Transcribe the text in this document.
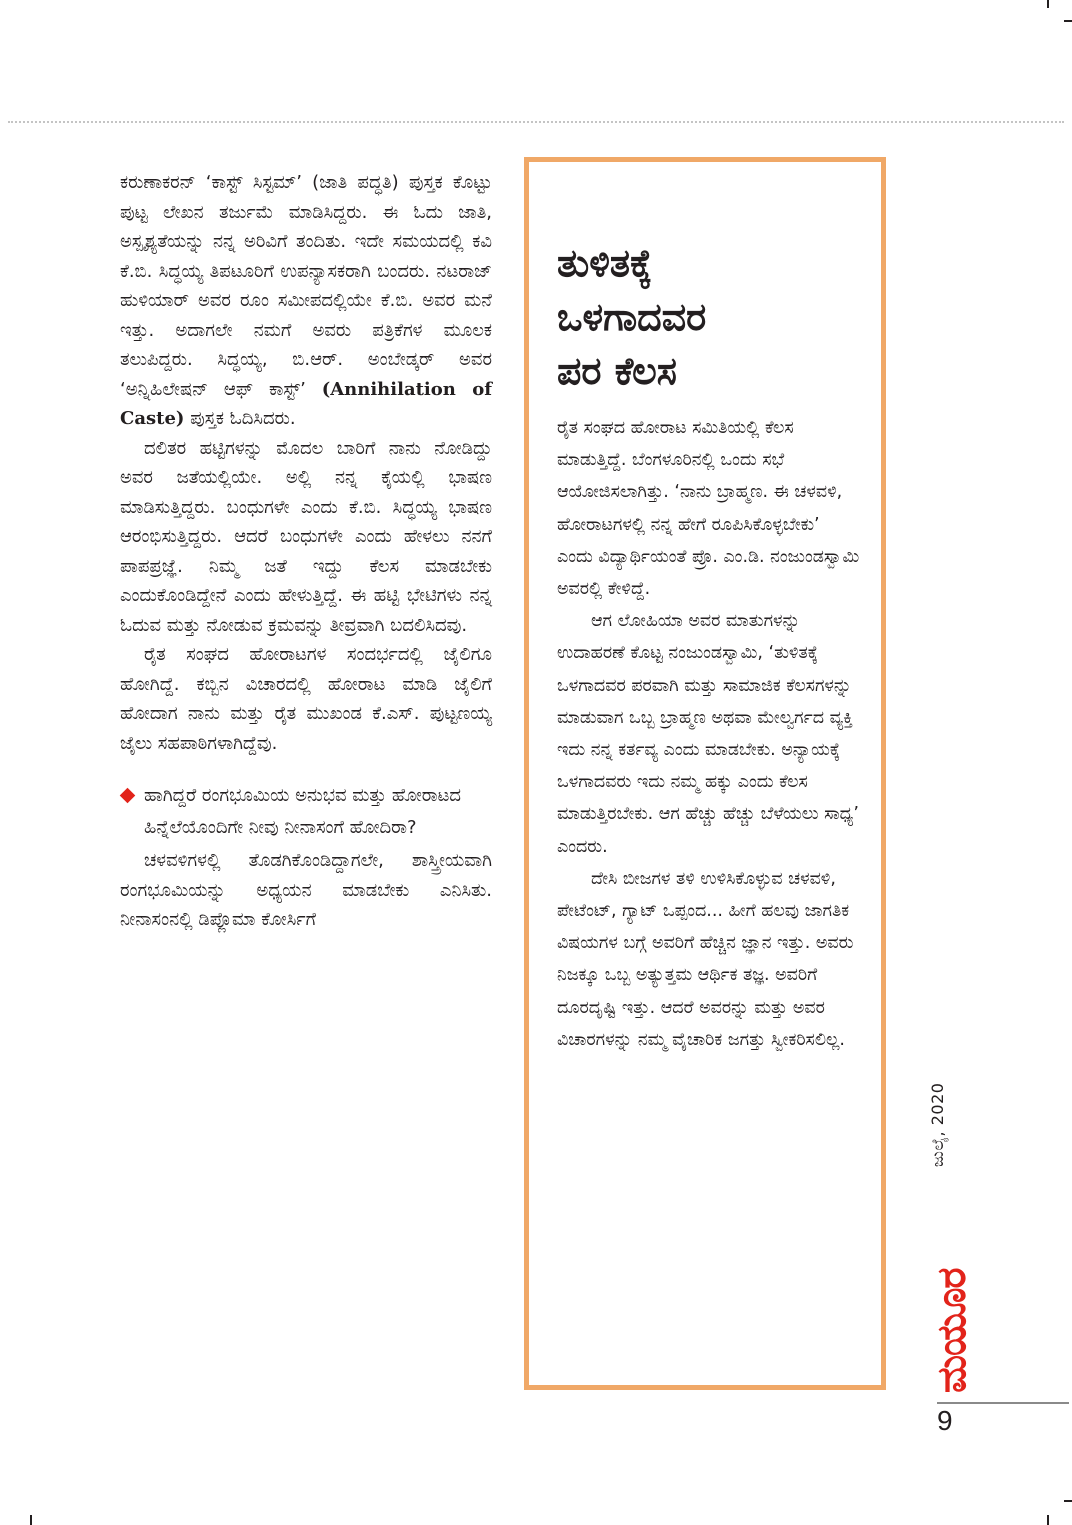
ಕರುಣಾಕರನ್ ‘ಕಾಸ್ಟ್ ಸಿಸ್ಟಮ್’ (ಜಾತಿ ಪದ್ಧತಿ) ಪುಸ್ತಕ ಕೊಟ್ಟು ಪುಟ್ಟ ಲೇಖನ ತರ್ಜುಮೆ ಮಾಡಿಸಿದ್ದರು. ಈ ಓದು ಜಾತಿ, ಅಸ್ಪೃಶ್ಯತೆಯನ್ನು ನನ್ನ ಅರಿವಿಗೆ ತಂದಿತು. ಇದೇ ಸಮಯದಲ್ಲಿ ಕವಿ ಕೆ.ಬಿ. ಸಿದ್ಧಯ್ಯ ತಿಪಟೂರಿಗೆ ಉಪನ್ಯಾಸಕರಾಗಿ ಬಂದರು. ನಟರಾಜ್ ಹುಳಿಯಾರ್ ಅವರ ರೂಂ ಸಮೀಪದಲ್ಲಿಯೇ ಕೆ.ಬಿ. ಅವರ ಮನೆ ಇತ್ತು. ಅದಾಗಲೇ ನಮಗೆ ಅವರು ಪತ್ರಿಕೆಗಳ ಮೂಲಕ ತಲುಪಿದ್ದರು. ಸಿದ್ಧಯ್ಯ, ಬಿ.ಆರ್. ಅಂಬೇಡ್ಕರ್ ಅವರ ‘ಅನ್ನಿಹಿಲೇಷನ್ ಆಫ್ ಕಾಸ್ಟ್’ (Annihilation of Caste) ಪುಸ್ತಕ ಓದಿಸಿದರು.

ದಲಿತರ ಹಟ್ಟಿಗಳನ್ನು ಮೊದಲ ಬಾರಿಗೆ ನಾನು ನೋಡಿದ್ದು ಅವರ ಜತೆಯಲ್ಲಿಯೇ. ಅಲ್ಲಿ ನನ್ನ ಕೈಯಲ್ಲಿ ಭಾಷಣ ಮಾಡಿಸುತ್ತಿದ್ದರು. ಬಂಧುಗಳೇ ಎಂದು ಕೆ.ಬಿ. ಸಿದ್ಧಯ್ಯ ಭಾಷಣ ಆರಂಭಿಸುತ್ತಿದ್ದರು. ಆದರೆ ಬಂಧುಗಳೇ ಎಂದು ಹೇಳಲು ನನಗೆ ಪಾಪಪ್ರಜ್ಞೆ. ನಿಮ್ಮ ಜತೆ ಇದ್ದು ಕೆಲಸ ಮಾಡಬೇಕು ಎಂದುಕೊಂಡಿದ್ದೇನೆ ಎಂದು ಹೇಳುತ್ತಿದ್ದೆ. ಈ ಹಟ್ಟಿ ಭೇಟಿಗಳು ನನ್ನ ಓದುವ ಮತ್ತು ನೋಡುವ ಕ್ರಮವನ್ನು ತೀವ್ರವಾಗಿ ಬದಲಿಸಿದವು.

ರೈತ ಸಂಘದ ಹೋರಾಟಗಳ ಸಂದರ್ಭದಲ್ಲಿ ಜೈಲಿಗೂ ಹೋಗಿದ್ದೆ. ಕಬ್ಬಿನ ವಿಚಾರದಲ್ಲಿ ಹೋರಾಟ ಮಾಡಿ ಜೈಲಿಗೆ ಹೋದಾಗ ನಾನು ಮತ್ತು ರೈತ ಮುಖಂಡ ಕೆ.ಎಸ್. ಪುಟ್ಟಣಯ್ಯ ಜೈಲು ಸಹಪಾಠಿಗಳಾಗಿದ್ದೆವು.

ಹಾಗಿದ್ದರೆ ರಂಗಭೂಮಿಯ ಅನುಭವ ಮತ್ತು ಹೋರಾಟದ ಹಿನ್ನೆಲೆಯೊಂದಿಗೇ ನೀವು ನೀನಾಸಂಗೆ ಹೋದಿರಾ?

ಚಳವಳಿಗಳಲ್ಲಿ ತೊಡಗಿಕೊಂಡಿದ್ದಾಗಲೇ, ಶಾಸ್ತ್ರೀಯವಾಗಿ ರಂಗಭೂಮಿಯನ್ನು ಅಧ್ಯಯನ ಮಾಡಬೇಕು ಎನಿಸಿತು. ನೀನಾಸಂನಲ್ಲಿ ಡಿಪ್ಲೊಮಾ ಕೋರ್ಸಿಗೆ

ತುಳಿತಕ್ಕೆ
ಒಳಗಾದವರ
ಪರ ಕೆಲಸ

ರೈತ ಸಂಘದ ಹೋರಾಟ ಸಮಿತಿಯಲ್ಲಿ ಕೆಲಸ ಮಾಡುತ್ತಿದ್ದೆ. ಬೆಂಗಳೂರಿನಲ್ಲಿ ಒಂದು ಸಭೆ ಆಯೋಜಿಸಲಾಗಿತ್ತು. ‘ನಾನು ಬ್ರಾಹ್ಮಣ. ಈ ಚಳವಳಿ, ಹೋರಾಟಗಳಲ್ಲಿ ನನ್ನ ಹೇಗೆ ರೂಪಿಸಿಕೊಳ್ಳಬೇಕು’ ಎಂದು ವಿದ್ಯಾರ್ಥಿಯಂತೆ ಪ್ರೊ. ಎಂ.ಡಿ. ನಂಜುಂಡಸ್ವಾಮಿ ಅವರಲ್ಲಿ ಕೇಳಿದ್ದೆ.

ಆಗ ಲೋಹಿಯಾ ಅವರ ಮಾತುಗಳನ್ನು ಉದಾಹರಣೆ ಕೊಟ್ಟ ನಂಜುಂಡಸ್ವಾಮಿ, ‘ತುಳಿತಕ್ಕೆ ಒಳಗಾದವರ ಪರವಾಗಿ ಮತ್ತು ಸಾಮಾಜಿಕ ಕೆಲಸಗಳನ್ನು ಮಾಡುವಾಗ ಒಬ್ಬ ಬ್ರಾಹ್ಮಣ ಅಥವಾ ಮೇಲ್ವರ್ಗದ ವ್ಯಕ್ತಿ ಇದು ನನ್ನ ಕರ್ತವ್ಯ ಎಂದು ಮಾಡಬೇಕು. ಅನ್ಯಾಯಕ್ಕೆ ಒಳಗಾದವರು ಇದು ನಮ್ಮ ಹಕ್ಕು ಎಂದು ಕೆಲಸ ಮಾಡುತ್ತಿರಬೇಕು. ಆಗ ಹೆಚ್ಚು ಹೆಚ್ಚು ಬೆಳೆಯಲು ಸಾಧ್ಯ’ ಎಂದರು.

ದೇಸಿ ಬೀಜಗಳ ತಳಿ ಉಳಿಸಿಕೊಳ್ಳುವ ಚಳವಳಿ, ಪೇಟೆಂಟ್, ಗ್ಯಾಟ್ ಒಪ್ಪಂದ... ಹೀಗೆ ಹಲವು ಜಾಗತಿಕ ವಿಷಯಗಳ ಬಗ್ಗೆ ಅವರಿಗೆ ಹೆಚ್ಚಿನ ಜ್ಞಾನ ಇತ್ತು. ಅವರು ನಿಜಕ್ಕೂ ಒಬ್ಬ ಅತ್ಯುತ್ತಮ ಆರ್ಥಿಕ ತಜ್ಞ. ಅವರಿಗೆ ದೂರದೃಷ್ಟಿ ಇತ್ತು. ಆದರೆ ಅವರನ್ನು ಮತ್ತು ಅವರ ವಿಚಾರಗಳನ್ನು ನಮ್ಮ ವೈಚಾರಿಕ ಜಗತ್ತು ಸ್ವೀಕರಿಸಲಿಲ್ಲ.

ಜುಲೈ, 2020
ಮಯೂರ
9
